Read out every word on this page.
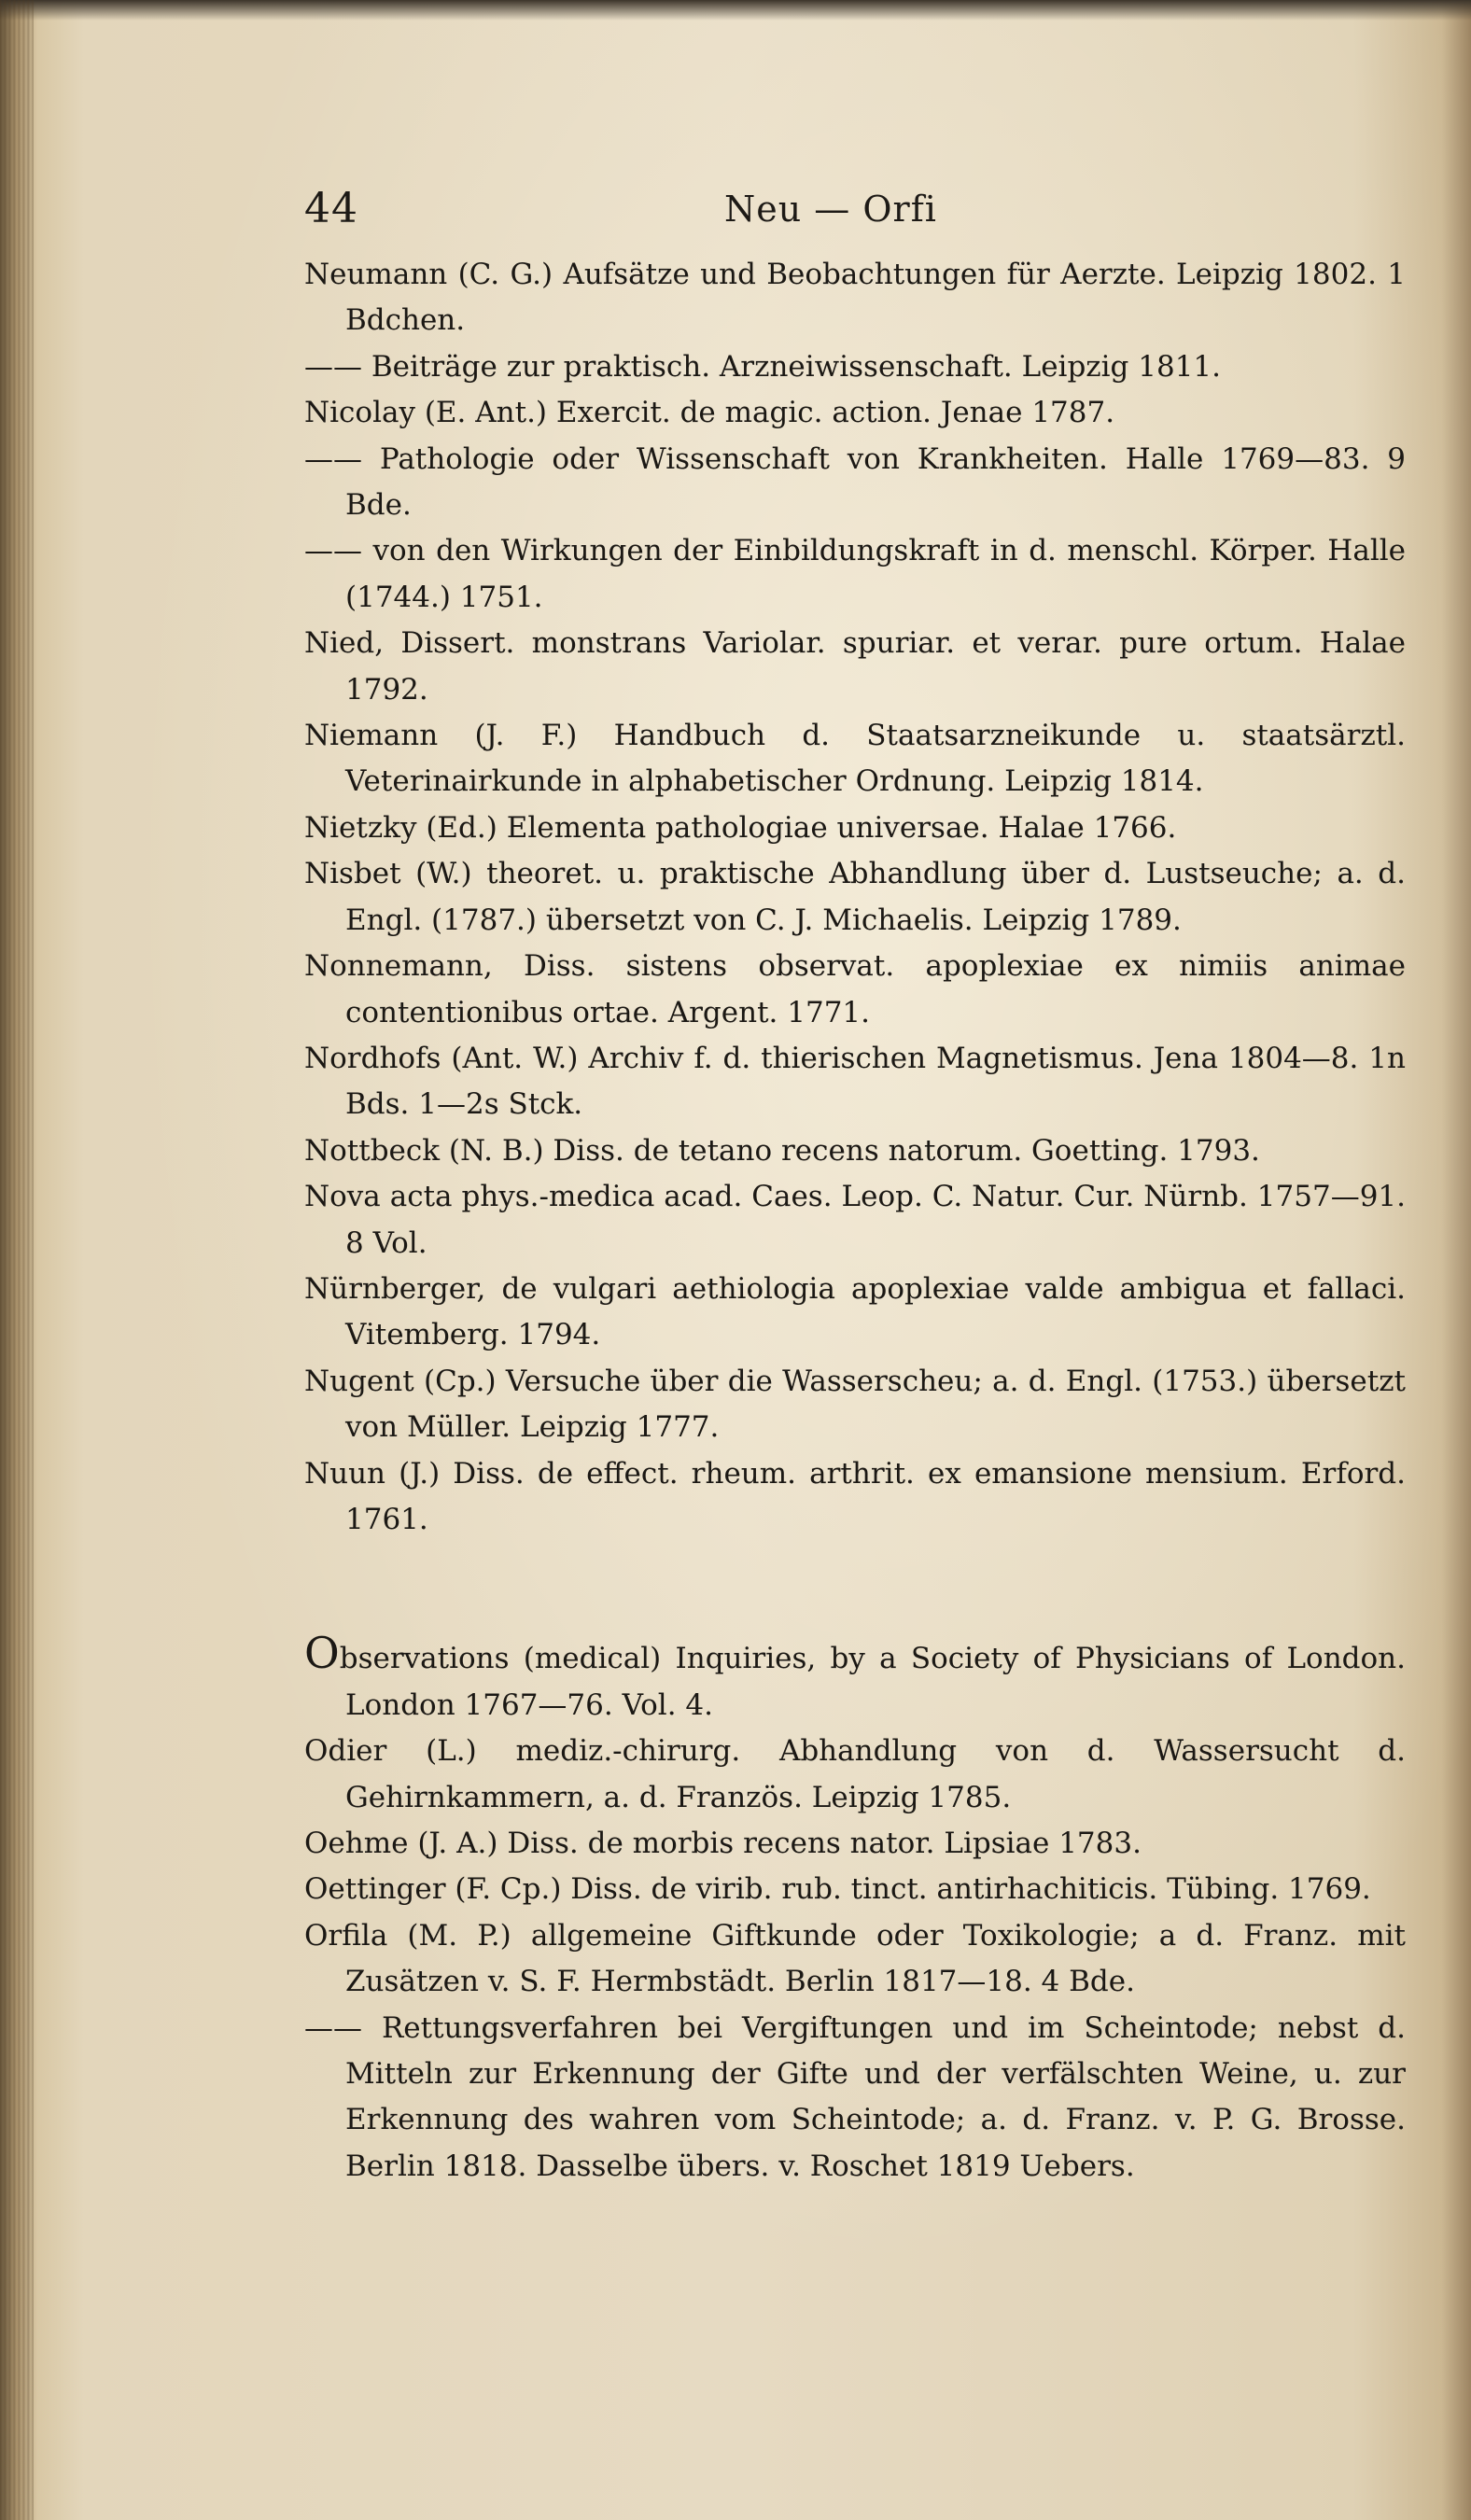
44	Neu — Orfi

Neumann (C. G.) Aufsätze und Beobachtungen für Aerzte. Leipzig 1802. 1 Bdchen.

—— Beiträge zur praktisch. Arzneiwissenschaft. Leipzig 1811.

Nicolay (E. Ant.) Exercit. de magic. action. Jenae 1787.

—— Pathologie oder Wissenschaft von Krankheiten. Halle 1769—83. 9 Bde.

—— von den Wirkungen der Einbildungskraft in d. menschl. Körper. Halle (1744.) 1751.

Nied, Dissert. monstrans Variolar. spuriar. et verar. pure ortum. Halae 1792.

Niemann (J. F.) Handbuch d. Staatsarzneikunde u. staatsärztl. Veterinairkunde in alphabetischer Ordnung. Leipzig 1814.

Nietzky (Ed.) Elementa pathologiae universae. Halae 1766.

Nisbet (W.) theoret. u. praktische Abhandlung über d. Lustseuche; a. d. Engl. (1787.) übersetzt von C. J. Michaelis. Leipzig 1789.

Nonnemann, Diss. sistens observat. apoplexiae ex nimiis animae contentionibus ortae. Argent. 1771.

Nordhofs (Ant. W.) Archiv f. d. thierischen Magnetismus. Jena 1804—8. 1n Bds. 1—2s Stck.

Nottbeck (N. B.) Diss. de tetano recens natorum. Goetting. 1793.

Nova acta phys.-medica acad. Caes. Leop. C. Natur. Cur. Nürnb. 1757—91. 8 Vol.

Nürnberger, de vulgari aethiologia apoplexiae valde ambigua et fallaci. Vitemberg. 1794.

Nugent (Cp.) Versuche über die Wasserscheu; a. d. Engl. (1753.) übersetzt von Müller. Leipzig 1777.

Nuun (J.) Diss. de effect. rheum. arthrit. ex emansione mensium. Erford. 1761.

Observations (medical) Inquiries, by a Society of Physicians of London. London 1767—76. Vol. 4.

Odier (L.) mediz.-chirurg. Abhandlung von d. Wassersucht d. Gehirnkammern, a. d. Französ. Leipzig 1785.

Oehme (J. A.) Diss. de morbis recens nator. Lipsiae 1783.

Oettinger (F. Cp.) Diss. de virib. rub. tinct. antirhachiticis. Tübing. 1769.

Orfila (M. P.) allgemeine Giftkunde oder Toxikologie; a d. Franz. mit Zusätzen v. S. F. Hermbstädt. Berlin 1817—18. 4 Bde.

—— Rettungsverfahren bei Vergiftungen und im Scheintode; nebst d. Mitteln zur Erkennung der Gifte und der verfälschten Weine, u. zur Erkennung des wahren vom Scheintode; a. d. Franz. v. P. G. Brosse. Berlin 1818. Dasselbe übers. v. Roschet 1819 Uebers.
